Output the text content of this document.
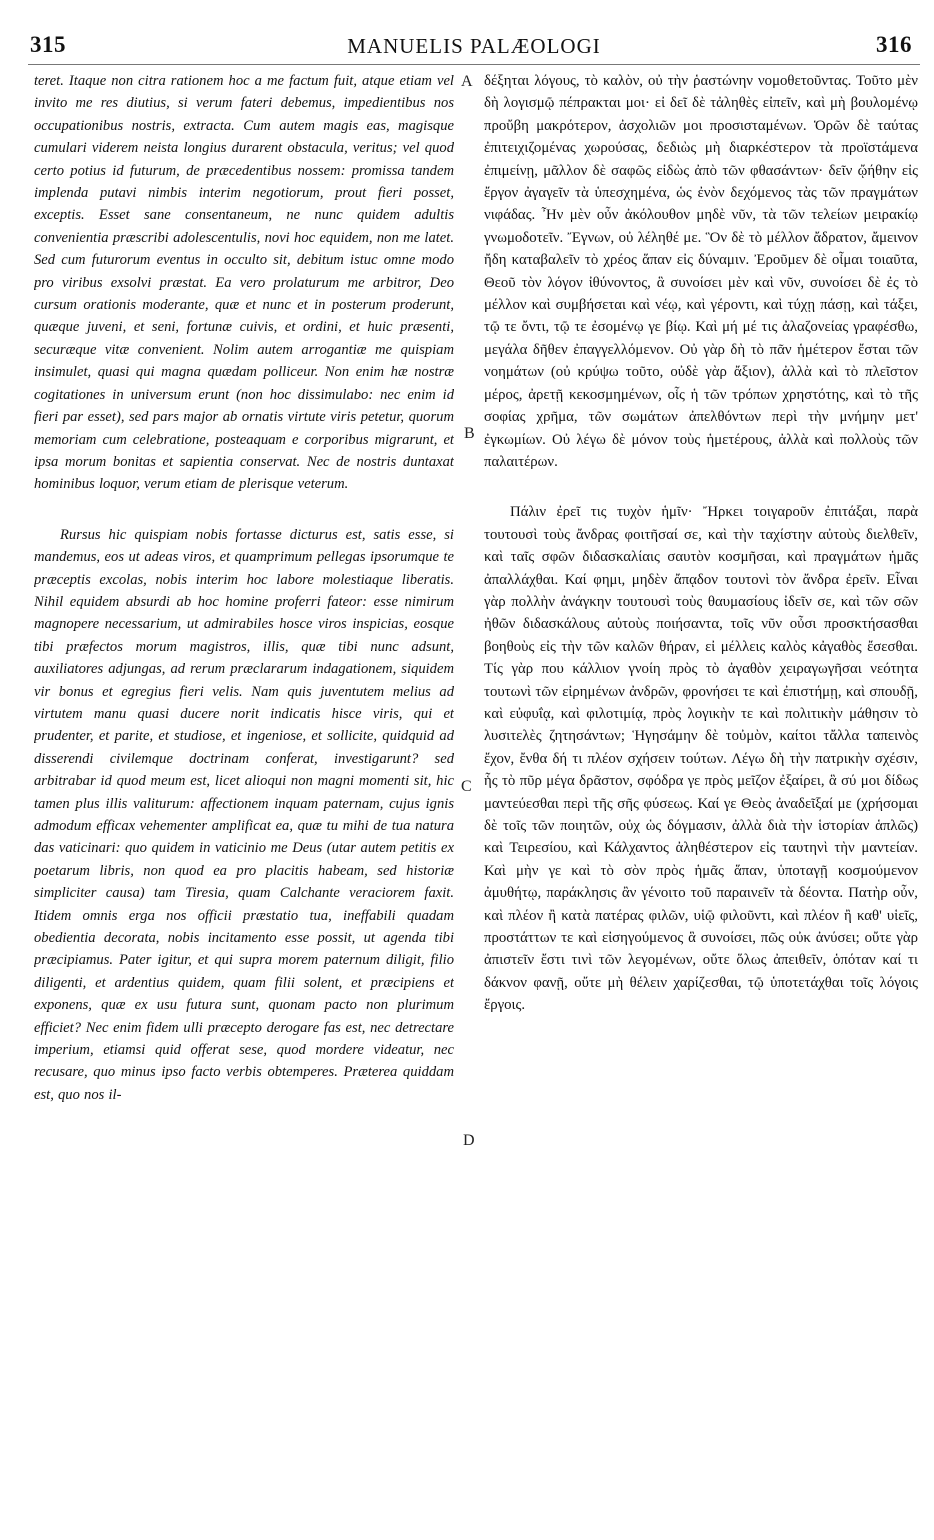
315	MANUELIS PALÆOLOGI	316

teret. Itaque non citra rationem hoc a me factum fuit, atque etiam vel invito me res diutius, si verum fateri debemus, impedientibus nos occupationibus nostris, extracta. Cum autem magis eas, magisque cumulari viderem neista longius durarent obstacula, veritus; vel quod certo potius id futurum, de præcedentibus nossem: promissa tandem implenda putavi nimbis interim negotiorum, prout fieri posset, exceptis. Esset sane consentaneum, ne nunc quidem adultis convenientia præscribi adolescentulis, novi hoc equidem, non me latet. Sed cum futurorum eventus in occulto sit, debitum istuc omne modo pro viribus exsolvi præstat. Ea vero prolaturum me arbitror, Deo cursum orationis moderante, quæ et nunc et in posterum proderunt, quæque juveni, et seni, fortunæ cuivis, et ordini, et huic præsenti, securæque vitæ convenient. Nolim autem arrogantiæ me quispiam insimulet, quasi qui magna quædam polliceur. Non enim hæ nostræ cogitationes in universum erunt (non hoc dissimulabo: nec enim id fieri par esset), sed pars major ab ornatis virtute viris petetur, quorum memoriam cum celebratione, posteaquam e corporibus migrarunt, et ipsa morum bonitas et sapientia conservat. Nec de nostris duntaxat hominibus loquor, verum etiam de plerisque veterum.

Rursus hic quispiam nobis fortasse dicturus est, satis esse, si mandemus, eos ut adeas viros, et quamprimum pellegas ipsorumque te præceptis excolas, nobis interim hoc labore molestiaque liberatis. Nihil equidem absurdi ab hoc homine proferri fateor: esse nimirum magnopere necessarium, ut admirabiles hosce viros inspicias, eosque tibi præfectos morum magistros, illis, quæ tibi nunc adsunt, auxiliatores adjungas, ad rerum præclararum indagationem, siquidem vir bonus et egregius fieri velis. Nam quis juventutem melius ad virtutem manu quasi ducere norit indicatis hisce viris, qui et prudenter, et parite, et studiose, et ingeniose, et sollicite, quidquid ad disserendi civilemque doctrinam conferat, investigarunt? sed arbitrabar id quod meum est, licet alioqui non magni momenti sit, hic tamen plus illis valiturum: affectionem inquam paternam, cujus ignis admodum efficax vehementer amplificat ea, quæ tu mihi de tua natura das vaticinari: quo quidem in vaticinio me Deus (utar autem petitis ex poetarum libris, non quod ea pro placitis habeam, sed historiæ simpliciter causa) tam Tiresia, quam Calchante veraciorem faxit. Itidem omnis erga nos officii præstatio tua, ineffabili quadam obedientia decorata, nobis incitamento esse possit, ut agenda tibi præcipiamus. Pater igitur, et qui supra morem paternum diligit, filio diligenti, et ardentius quidem, quam filii solent, et præcipiens et exponens, quæ ex usu futura sunt, quonam pacto non plurimum efficiet? Nec enim fidem ulli præcepto derogare fas est, nec detrectare imperium, etiamsi quid offerat sese, quod mordere videatur, nec recusare, quo minus ipso facto verbis obtemperes. Præterea quiddam est, quo nos il-

A
B
C
D

δέξηται λόγους, τὸ καλὸν, οὐ τὴν ῥαστώνην νομοθετοῦντας. Τοῦτο μὲν δὴ λογισμῷ πέπρακται μοι· εἰ δεῖ δὲ τἀληθὲς εἰπεῖν, καὶ μὴ βουλομένῳ προὔβη μακρότερον, ἀσχολιῶν μοι προσισταμένων. Ὁρῶν δὲ ταύτας ἐπιτειχιζομένας χωρούσας, δεδιὼς μὴ διαρκέστερον τὰ προϊστάμενα ἐπιμείνῃ, μᾶλλον δὲ σαφῶς εἰδὼς ἀπὸ τῶν φθασάντων· δεῖν ᾤήθην εἰς ἔργον ἀγαγεῖν τὰ ὑπεσχημένα, ὡς ἐνὸν δεχόμενος τὰς τῶν πραγμάτων νιφάδας. Ἦν μὲν οὖν ἀκόλουθον μηδὲ νῦν, τὰ τῶν τελείων μειρακίῳ γνωμοδοτεῖν. Ἔγνων, οὐ λέληθέ με. Ὃν δὲ τὸ μέλλον ἄδρατον, ἄμεινον ἤδη καταβαλεῖν τὸ χρέος ἅπαν εἰς δύναμιν. Ἐροῦμεν δὲ οἶμαι τοιαῦτα, Θεοῦ τὸν λόγον ἰθύνοντος, ἃ συνοίσει μὲν καὶ νῦν, συνοίσει δὲ ἐς τὸ μέλλον καὶ συμβήσεται καὶ νέῳ, καὶ γέροντι, καὶ τύχῃ πάσῃ, καὶ τάξει, τῷ τε ὄντι, τῷ τε ἐσομένῳ γε βίῳ. Καὶ μή μέ τις ἀλαζονείας γραφέσθω, μεγάλα δῆθεν ἐπαγγελλόμενον. Οὐ γὰρ δὴ τὸ πᾶν ἡμέτερον ἔσται τῶν νοημάτων (οὐ κρύψω τοῦτο, οὐδὲ γὰρ ἄξιον), ἀλλὰ καὶ τὸ πλεῖστον μέρος, ἀρετῇ κεκοσμημένων, οἷς ἡ τῶν τρόπων χρηστότης, καὶ τὸ τῆς σοφίας χρῆμα, τῶν σωμάτων ἀπελθόντων περὶ τὴν μνήμην μετ' ἐγκωμίων. Οὐ λέγω δὲ μόνον τοὺς ἡμετέρους, ἀλλὰ καὶ πολλοὺς τῶν παλαιτέρων.

Πάλιν ἐρεῖ τις τυχὸν ἡμῖν· Ἤρκει τοιγαροῦν ἐπιτάξαι, παρὰ τουτουσὶ τοὺς ἄνδρας φοιτῆσαί σε, καὶ τὴν ταχίστην αὐτοὺς διελθεῖν, καὶ ταῖς σφῶν διδασκαλίαις σαυτὸν κοσμῆσαι, καὶ πραγμάτων ἡμᾶς ἀπαλλάχθαι. Καί φημι, μηδὲν ἄπᾳδον τουτονὶ τὸν ἄνδρα ἐρεῖν. Εἶναι γὰρ πολλὴν ἀνάγκην τουτουσὶ τοὺς θαυμασίους ἰδεῖν σε, καὶ τῶν σῶν ἠθῶν διδασκάλους αὐτοὺς ποιήσαντα, τοῖς νῦν οὖσι προσκτήσασθαι βοηθοὺς εἰς τὴν τῶν καλῶν θήραν, εἰ μέλλεις καλὸς κἀγαθὸς ἔσεσθαι. Τίς γὰρ που κάλλιον γνοίη πρὸς τὸ ἀγαθὸν χειραγωγῆσαι νεότητα τουτωνὶ τῶν εἰρημένων ἀνδρῶν, φρονήσει τε καὶ ἐπιστήμῃ, καὶ σπουδῇ, καὶ εὐφυΐᾳ, καὶ φιλοτιμίᾳ, πρὸς λογικὴν τε καὶ πολιτικὴν μάθησιν τὸ λυσιτελὲς ζητησάντων; Ἡγησάμην δὲ τοὐμὸν, καίτοι τἄλλα ταπεινὸς ἔχον, ἔνθα δή τι πλέον σχήσειν τούτων. Λέγω δὴ τὴν πατρικὴν σχέσιν, ἧς τὸ πῦρ μέγα δρᾶστον, σφόδρα γε πρὸς μεῖζον ἐξαίρει, ἃ σύ μοι δίδως μαντεύεσθαι περὶ τῆς σῆς φύσεως. Καί γε Θεὸς ἀναδεῖξαί με (χρήσομαι δὲ τοῖς τῶν ποιητῶν, οὐχ ὡς δόγμασιν, ἀλλὰ διὰ τὴν ἱστορίαν ἁπλῶς) καὶ Τειρεσίου, καὶ Κάλχαντος ἀληθέστερον εἰς ταυτηνὶ τὴν μαντείαν. Καὶ μὴν γε καὶ τὸ σὸν πρὸς ἡμᾶς ἅπαν, ὑποταγῇ κοσμούμενον ἀμυθήτῳ, παράκλησις ἂν γένοιτο τοῦ παραινεῖν τὰ δέοντα. Πατὴρ οὖν, καὶ πλέον ἢ κατὰ πατέρας φιλῶν, υἱῷ φιλοῦντι, καὶ πλέον ἢ καθ' υἱεῖς, προστάττων τε καὶ εἰσηγούμενος ἃ συνοίσει, πῶς οὐκ ἀνύσει; οὔτε γὰρ ἀπιστεῖν ἔστι τινὶ τῶν λεγομένων, οὔτε ὅλως ἀπειθεῖν, ὁπόταν καί τι δάκνον φανῇ, οὔτε μὴ θέλειν χαρίζεσθαι, τῷ ὑποτετάχθαι τοῖς λόγοις ἔργοις.
